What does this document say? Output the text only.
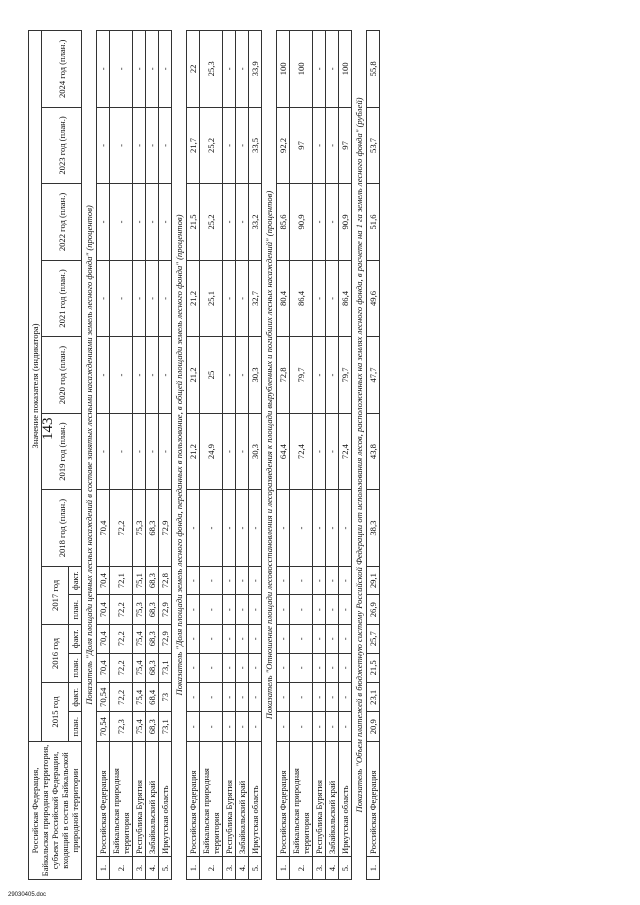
143
Российская Федерация, Байкальская природная территория, субъект Российской Федерации, входящий в состав Байкальской природной территории		Значение показателя (индикатора)												
		2015 год		2016 год		2017 год		2018 год (план.)	2019 год (план.)	2020 год (план.)	2021 год (план.)	2022 год (план.)	2023 год (план.)	2024 год (план.)
		план.	факт.	план.	факт.	план.	факт.							
Показатель "Доля площади ценных лесных насаждений в составе занятых лесными насаждениями земель лесного фонда" (процентов)														
1.	Российская Федерация	70,54	70,54	70,4	70,4	70,4	70,4	70,4	-	-	-	-	-	-
2.	Байкальская природная территория	72,3	72,2	72,2	72,2	72,2	72,1	72,2	-	-	-	-	-	-
3.	Республика Бурятия	75,4	75,4	75,4	75,4	75,3	75,1	75,3	-	-	-	-	-	-
4.	Забайкальский край	68,3	68,4	68,3	68,3	68,3	68,3	68,3	-	-	-	-	-	-
5.	Иркутская область	73,1	73	73,1	72,9	72,9	72,8	72,9	-	-	-	-	-	-
Показатель "Доля площади земель лесного фонда, переданных в пользование, в общей площади земель лесного фонда" (процентов)														
1.	Российская Федерация	-	-	-	-	-	-	-	21,2	21,2	21,2	21,5	21,7	22
2.	Байкальская природная территория	-	-	-	-	-	-	-	24,9	25	25,1	25,2	25,2	25,3
3.	Республика Бурятия	-	-	-	-	-	-	-	-	-	-	-	-	-
4.	Забайкальский край	-	-	-	-	-	-	-	-	-	-	-	-	-
5.	Иркутская область	-	-	-	-	-	-	-	30,3	30,3	32,7	33,2	33,5	33,9
Показатель "Отношение площади лесовосстановления и лесоразведения к площади вырубленных и погибших лесных насаждений" (процентов)														
1.	Российская Федерация	-	-	-	-	-	-	-	64,4	72,8	80,4	85,6	92,2	100
2.	Байкальская природная территория	-	-	-	-	-	-	-	72,4	79,7	86,4	90,9	97	100
3.	Республика Бурятия	-	-	-	-	-	-	-	-	-	-	-	-	-
4.	Забайкальский край	-	-	-	-	-	-	-	-	-	-	-	-	-
5.	Иркутская область	-	-	-	-	-	-	-	72,4	79,7	86,4	90,9	97	100
Показатель "Объем платежей в бюджетную систему Российской Федерации от использования лесов, расположенных на землях лесного фонда, в расчете на 1 га земель лесного фонда" (рублей)														
1.	Российская Федерация	20,9	23,1	21,5	25,7	26,9	29,1	38,3	43,8	47,7	49,6	51,6	53,7	55,8
29030405.doc
